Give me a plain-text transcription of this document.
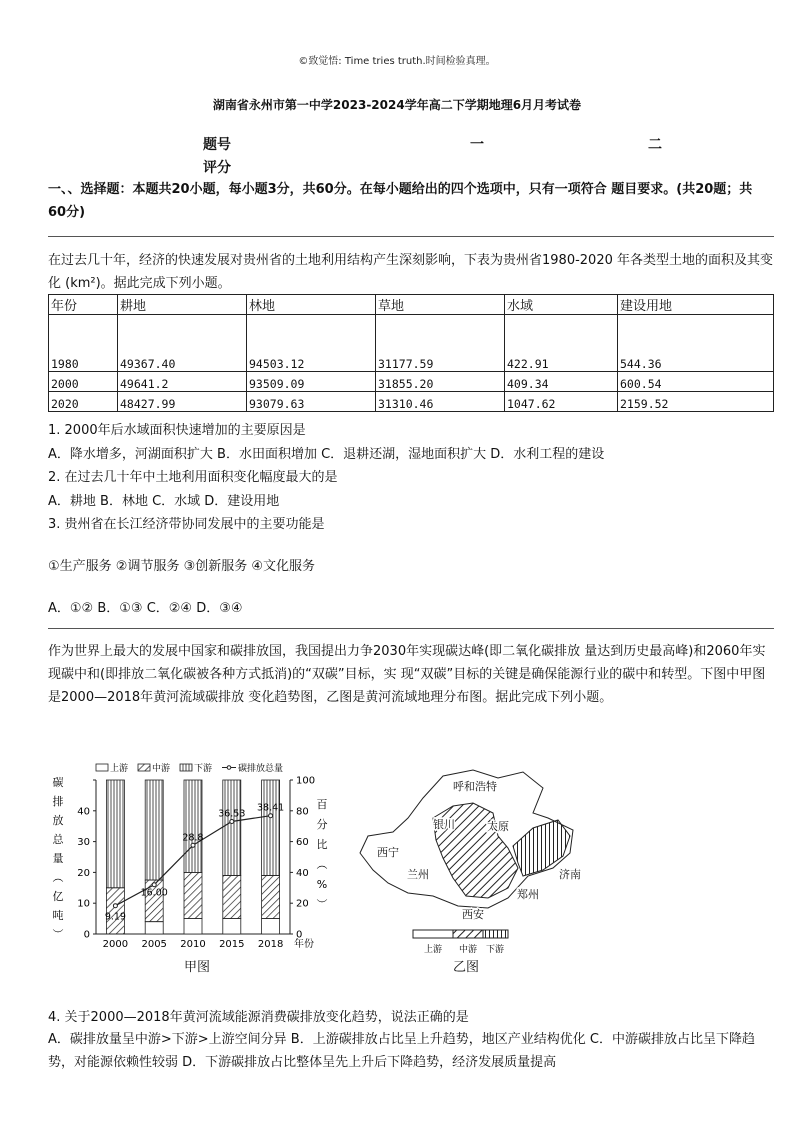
©致觉悟: Time tries truth.时间检验真理。
湖南省永州市第一中学2023-2024学年高二下学期地理6月月考试卷
题号	一	二
评分
一、、选择题：本题共20小题，每小题3分，共60分。在每小题给出的四个选项中，只有一项符合 题目要求。(共20题；共60分)
在过去几十年，经济的快速发展对贵州省的土地利用结构产生深刻影响，下表为贵州省1980-2020 年各类型土地的面积及其变化 (km²)。据此完成下列小题。
年份	耕地	林地	草地	水域	建设用地
1980	49367.40	94503.12	31177.59	422.91	544.36
2000	49641.2	93509.09	31855.20	409.34	600.54
2020	48427.99	93079.63	31310.46	1047.62	2159.52
1. 2000年后水域面积快速增加的主要原因是
A．降水增多，河湖面积扩大 B．水田面积增加 C．退耕还湖，湿地面积扩大 D．水利工程的建设
2. 在过去几十年中土地利用面积变化幅度最大的是
A．耕地 B．林地 C．水域 D．建设用地
3. 贵州省在长江经济带协同发展中的主要功能是
①生产服务 ②调节服务 ③创新服务 ④文化服务
A．①② B．①③ C．②④ D．③④
作为世界上最大的发展中国家和碳排放国，我国提出力争2030年实现碳达峰(即二氧化碳排放 量达到历史最高峰)和2060年实现碳中和(即排放二氧化碳被各种方式抵消)的“双碳”目标，实 现“双碳”目标的关键是确保能源行业的碳中和转型。下图中甲图是2000—2018年黄河流域碳排放 变化趋势图，乙图是黄河流域地理分布图。据此完成下列小题。
上游	中游	下游	碳排放总量
碳
排
放
总
量
︵
亿
吨
︶
百
分
比
︵
%
︶
0	0
10	20
20	40
30	60
40	80
100
9.19
16.00
28.8
36.53
38.41
2000 2005 2010 2015 2018 年份
甲图
呼和浩特
银川	太原
西宁
兰州	济南
郑州
西安
上游 中游 下游
乙图
4. 关于2000—2018年黄河流域能源消费碳排放变化趋势，说法正确的是
A．碳排放量呈中游>下游>上游空间分异 B．上游碳排放占比呈上升趋势，地区产业结构优化 C．中游碳排放占比呈下降趋势，对能源依赖性较弱 D．下游碳排放占比整体呈先上升后下降趋势，经济发展质量提高
